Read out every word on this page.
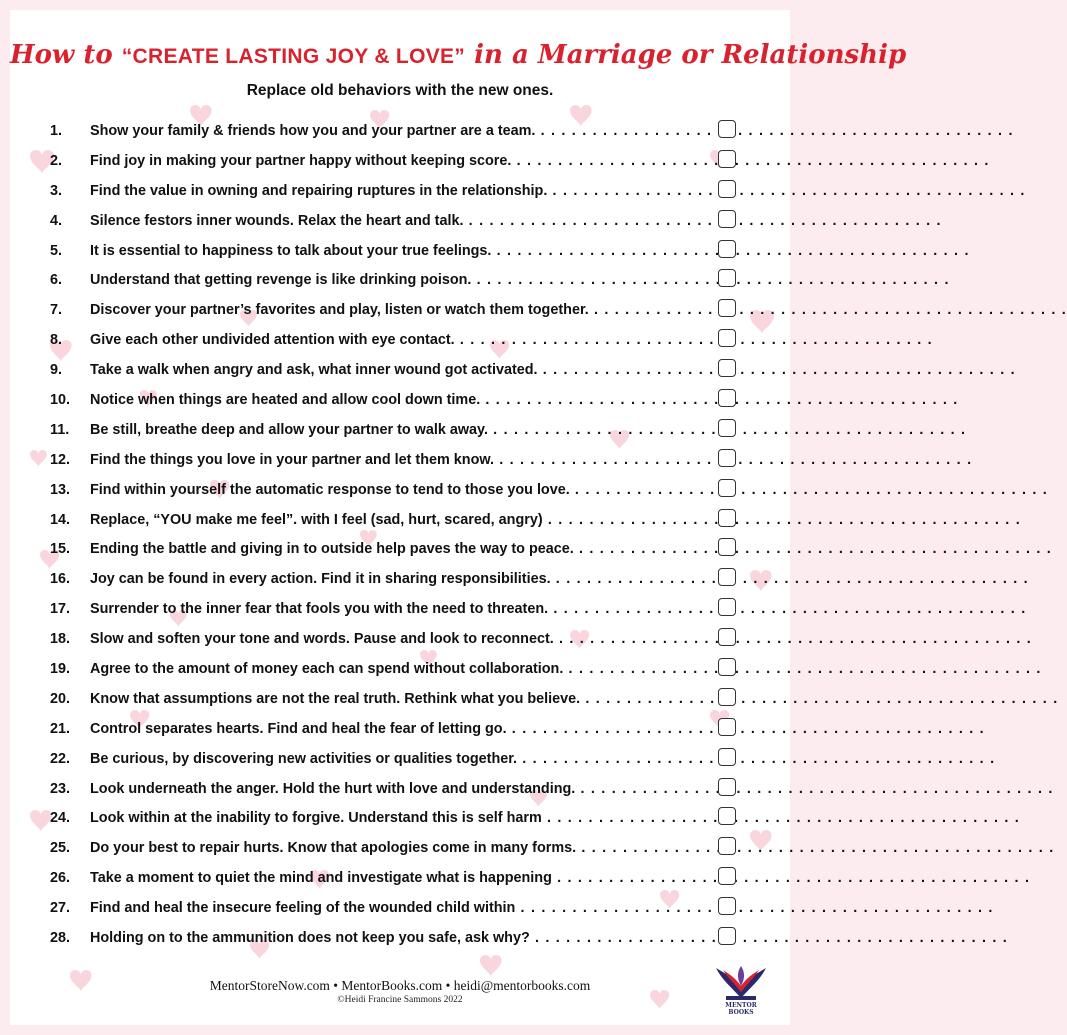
How to “CREATE LASTING JOY & LOVE” in a Marriage or Relationship
Replace old behaviors with the new ones.
1.	Show your family & friends how you and your partner are a team. . . .
2.	Find joy in making your partner happy without keeping score. . . .
3.	Find the value in owning and repairing ruptures in the relationship. . . .
4.	Silence festors inner wounds. Relax the heart and talk. . . .
5.	It is essential to happiness to talk about your true feelings. . . .
6.	Understand that getting revenge is like drinking poison. . . .
7.	Discover your partner’s favorites and play, listen or watch them together. . . .
8.	Give each other undivided attention with eye contact. . . .
9.	Take a walk when angry and ask, what inner wound got activated. . . .
10.	Notice when things are heated and allow cool down time. . . .
11.	Be still, breathe deep and allow your partner to walk away. . . .
12.	Find the things you love in your partner and let them know. . . .
13.	Find within yourself the automatic response to tend to those you love. . . .
14.	Replace, “YOU make me feel”. with I feel (sad, hurt, scared, angry) . . .
15.	Ending the battle and giving in to outside help paves the way to peace. . . .
16.	Joy can be found in every action. Find it in sharing responsibilities. . . .
17.	Surrender to the inner fear that fools you with the need to threaten. . . .
18.	Slow and soften your tone and words. Pause and look to reconnect. . . .
19.	Agree to the amount of money each can spend without collaboration. . . .
20.	Know that assumptions are not the real truth. Rethink what you believe. . . .
21.	Control separates hearts. Find and heal the fear of letting go. . . .
22.	Be curious, by discovering new activities or qualities together. . . .
23.	Look underneath the anger. Hold the hurt with love and understanding. . . .
24.	Look within at the inability to forgive. Understand this is self harm . . .
25.	Do your best to repair hurts. Know that apologies come in many forms. . . .
26.	Take a moment to quiet the mind and investigate what is happening . . .
27.	Find and heal the insecure feeling of the wounded child within . . .
28.	Holding on to the ammunition does not keep you safe, ask why? . . .
MentorStoreNow.com • MentorBooks.com • heidi@mentorbooks.com
©Heidi Francine Sammons 2022
MENTOR BOOKS
